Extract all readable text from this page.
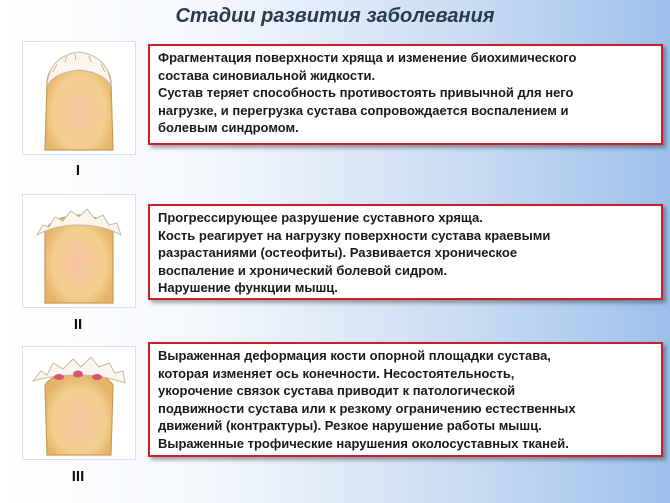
Стадии развития заболевания
I
Фрагментация поверхности хряща и изменение биохимического
состава синовиальной жидкости.
Сустав теряет способность противостоять привычной для него
нагрузке, и перегрузка сустава сопровождается воспалением и
болевым синдромом.
II
Прогрессирующее разрушение суставного хряща.
Кость реагирует на нагрузку поверхности сустава краевыми
разрастаниями (остеофиты). Развивается хроническое
воспаление и хронический болевой сидром.
Нарушение функции мышц.
III
Выраженная деформация кости опорной площадки сустава,
которая изменяет ось конечности. Несостоятельность,
укорочение связок сустава приводит к патологической
подвижности сустава или к резкому ограничению естественных
движений (контрактуры). Резкое нарушение работы мышц.
Выраженные трофические нарушения околосуставных тканей.
